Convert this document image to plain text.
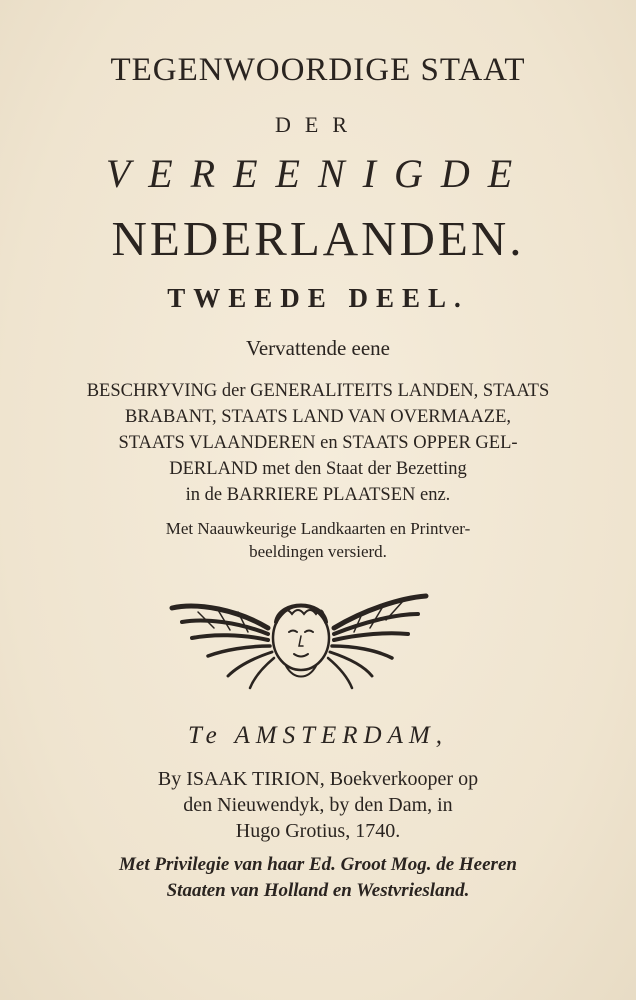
TEGENWOORDIGE STAAT

DER

VEREENIGDE

NEDERLANDEN.

TWEEDE DEEL.

Vervattende eene

BESCHRYVING der GENERALITEITS LANDEN, STAATS
BRABANT, STAATS LAND VAN OVERMAAZE,
STAATS VLAANDEREN en STAATS OPPER GEL-
DERLAND met den Staat der Bezetting
in de BARRIERE PLAATSEN enz.
Met Naauwkeurige Landkaarten en Printver-
beeldingen versierd.

Te AMSTERDAM,

By ISAAK TIRION, Boekverkooper op
den Nieuwendyk, by den Dam, in
Hugo Grotius, 1740.
Met Privilegie van haar Ed. Groot Mog. de Heeren
Staaten van Holland en Westvriesland.
